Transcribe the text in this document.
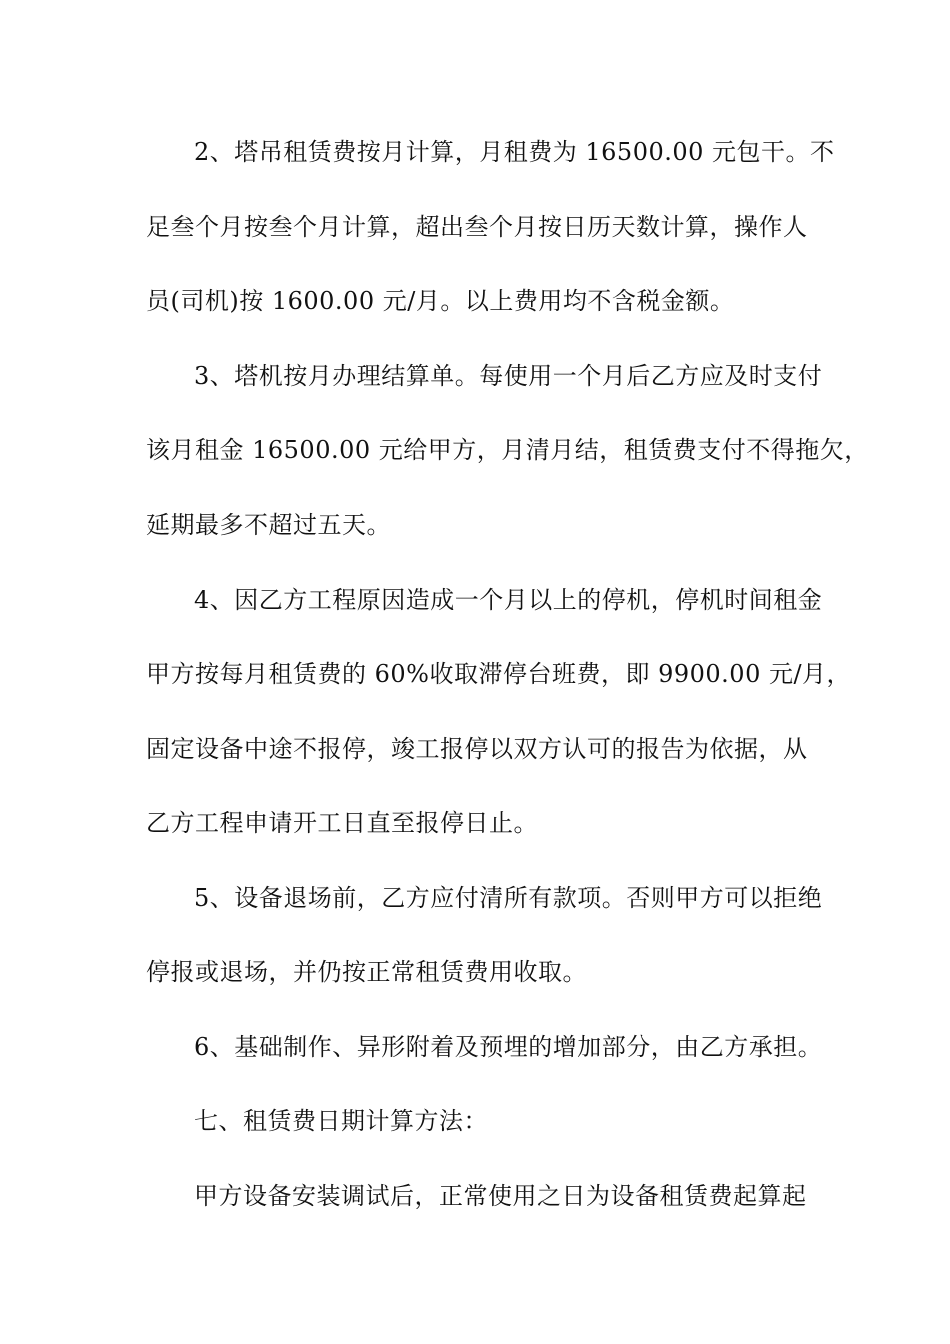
2、塔吊租赁费按月计算，月租费为 16500.00 元包干。不
足叁个月按叁个月计算，超出叁个月按日历天数计算，操作人
员(司机)按 1600.00 元/月。以上费用均不含税金额。
3、塔机按月办理结算单。每使用一个月后乙方应及时支付
该月租金 16500.00 元给甲方，月清月结，租赁费支付不得拖欠，
延期最多不超过五天。
4、因乙方工程原因造成一个月以上的停机，停机时间租金
甲方按每月租赁费的 60%收取滞停台班费，即 9900.00 元/月，
固定设备中途不报停，竣工报停以双方认可的报告为依据，从
乙方工程申请开工日直至报停日止。
5、设备退场前，乙方应付清所有款项。否则甲方可以拒绝
停报或退场，并仍按正常租赁费用收取。
6、基础制作、异形附着及预埋的增加部分，由乙方承担。
七、租赁费日期计算方法：
甲方设备安装调试后，正常使用之日为设备租赁费起算起
